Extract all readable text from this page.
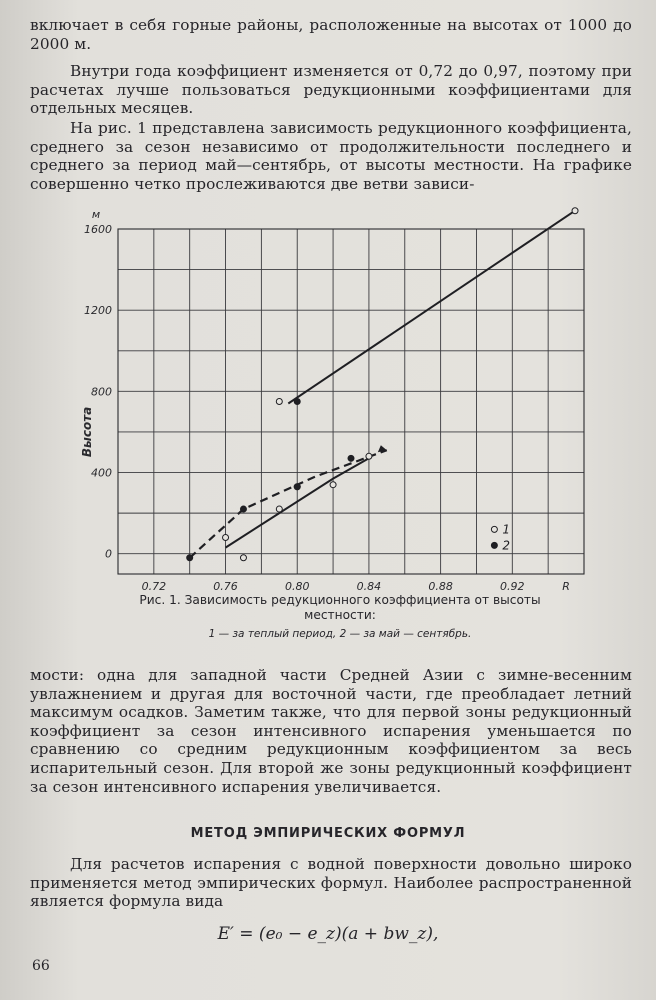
включает в себя горные районы, расположенные на высотах от 1000 до 2000 м.
Внутри года коэффициент изменяется от 0,72 до 0,97, поэтому при расчетах лучше пользоваться редукционными коэффициентами для отдельных месяцев.
На рис. 1 представлена зависимость редукционного коэффициента, среднего за сезон независимо от продолжительности последнего и среднего за период май—сентябрь, от высоты местности. На графике совершенно четко прослеживаются две ветви зависи-
0
400
800
1200
1600
0,72	0,76	0,80	0,84	0,88	0,92	R
м
Высота
1
2
Рис. 1. Зависимость редукционного коэффициента от высоты
местности:
1 — за теплый период, 2 — за май — сентябрь.
мости: одна для западной части Средней Азии с зимне-весенним увлажнением и другая для восточной части, где преобладает летний максимум осадков. Заметим также, что для первой зоны редукционный коэффициент за сезон интенсивного испарения уменьшается по сравнению со средним редукционным коэффициентом за весь испарительный сезон. Для второй же зоны редукционный коэффициент за сезон интенсивного испарения увеличивается.
МЕТОД ЭМПИРИЧЕСКИХ ФОРМУЛ
Для расчетов испарения с водной поверхности довольно широко применяется метод эмпирических формул. Наиболее распространенной является формула вида
E′ = (e₀ − e_z)(a + bw_z),
66
